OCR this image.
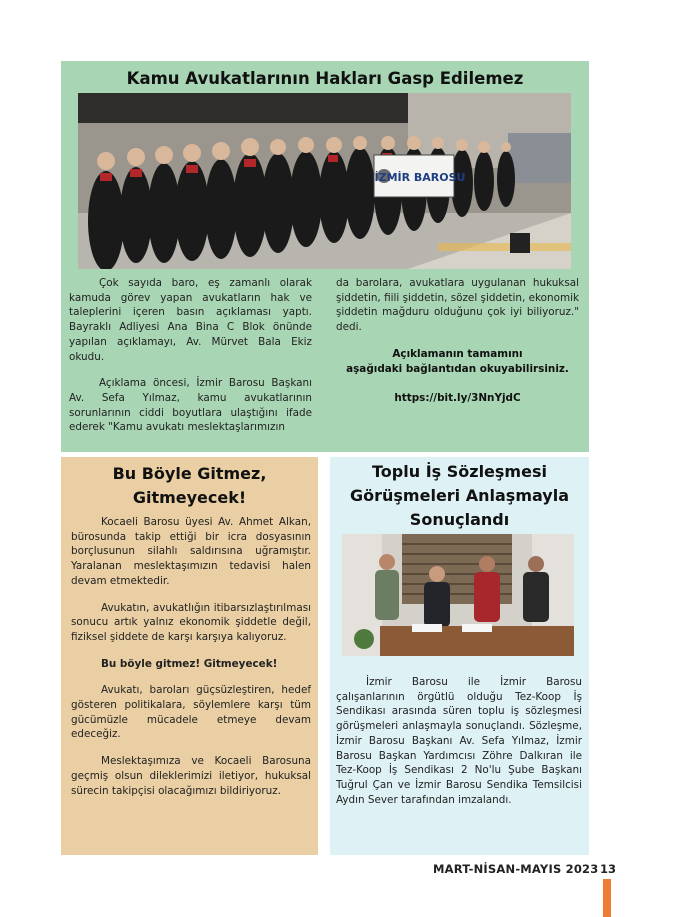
Kamu Avukatlarının Hakları Gasp Edilemez
İZMİR BAROSU

Çok sayıda baro, eş zamanlı olarak kamuda görev yapan avukatların hak ve taleplerini içeren basın açıklaması yaptı. Bayraklı Adliyesi Ana Bina C Blok önünde yapılan açıklamayı, Av. Mürvet Bala Ekiz okudu.

Açıklama öncesi, İzmir Barosu Başkanı Av. Sefa Yılmaz, kamu avukatlarının sorunlarının ciddi boyutlara ulaştığını ifade ederek "Kamu avukatı meslektaşlarımızın

da barolara, avukatlara uygulanan hukuksal şiddetin, fiili şiddetin, sözel şiddetin, ekonomik şiddetin mağduru olduğunu çok iyi biliyoruz." dedi.

Açıklamanın tamamını
aşağıdaki bağlantıdan okuyabilirsiniz.
https://bit.ly/3NnYjdC
Bu Böyle Gitmez,
Gitmeyecek!

Kocaeli Barosu üyesi Av. Ahmet Alkan, bürosunda takip ettiği bir icra dosyasının borçlusunun silahlı saldırısına uğramıştır. Yaralanan meslektaşımızın tedavisi halen devam etmektedir.

Avukatın, avukatlığın itibarsızlaştırılması sonucu artık yalnız ekonomik şiddetle değil, fiziksel şiddete de karşı karşıya kalıyoruz.

Bu böyle gitmez! Gitmeyecek!

Avukatı, baroları güçsüzleştiren, hedef gösteren politikalara, söylemlere karşı tüm gücümüzle mücadele etmeye devam edeceğiz.

Meslektaşımıza ve Kocaeli Barosuna geçmiş olsun dileklerimizi iletiyor, hukuksal sürecin takipçisi olacağımızı bildiriyoruz.

Toplu İş Sözleşmesi
Görüşmeleri Anlaşmayla
Sonuçlandı

İzmir Barosu ile İzmir Barosu çalışanlarının örgütlü olduğu Tez-Koop İş Sendikası arasında süren toplu iş sözleşmesi görüşmeleri anlaşmayla sonuçlandı. Sözleşme, İzmir Barosu Başkanı Av. Sefa Yılmaz, İzmir Barosu Başkan Yardımcısı Zöhre Dalkıran ile Tez-Koop İş Sendikası 2 No'lu Şube Başkanı Tuğrul Çan ve İzmir Barosu Sendika Temsilcisi Aydın Sever tarafından imzalandı.

MART-NİSAN-MAYIS 2023 13
